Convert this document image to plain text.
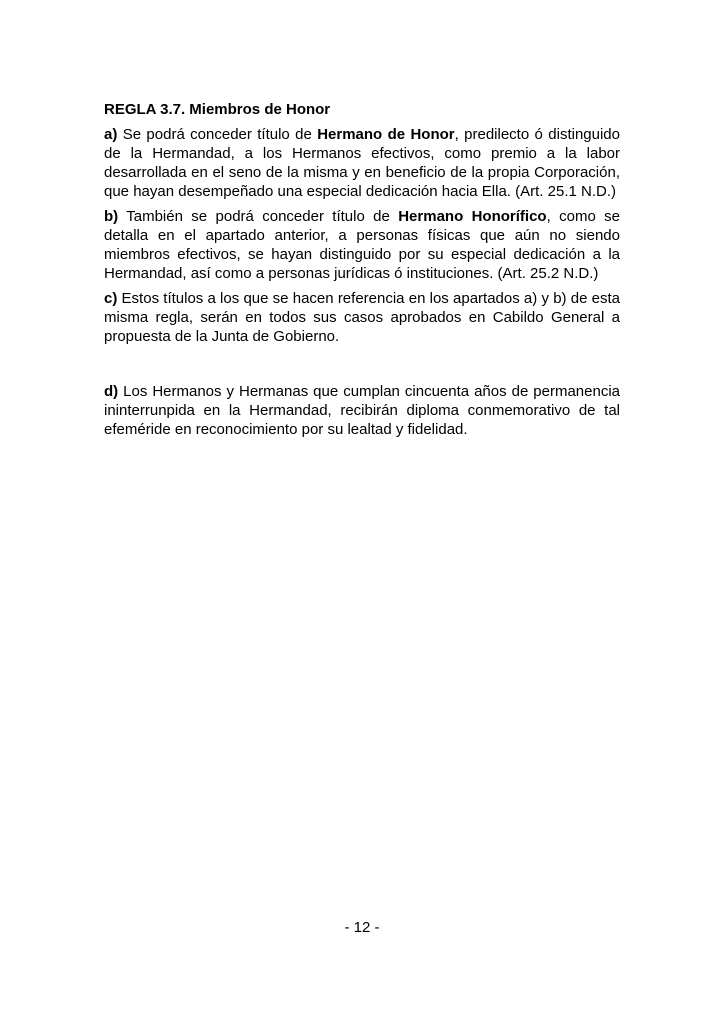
REGLA 3.7. Miembros de Honor

a) Se podrá conceder título de Hermano de Honor, predilecto ó distinguido de la Hermandad, a los Hermanos efectivos, como premio a la labor desarrollada en el seno de la misma y en beneficio de la propia Corporación, que hayan desempeñado una especial dedicación hacia Ella. (Art. 25.1 N.D.)

b) También se podrá conceder título de Hermano Honorífico, como se detalla en el apartado anterior, a personas físicas que aún no siendo miembros efectivos, se hayan distinguido por su especial dedicación a la Hermandad, así como a personas jurídicas ó instituciones. (Art. 25.2 N.D.)

c) Estos títulos a los que se hacen referencia en los apartados a) y b) de esta misma regla, serán en todos sus casos aprobados en Cabildo General a propuesta de la Junta de Gobierno.

d) Los Hermanos y Hermanas que cumplan cincuenta años de permanencia ininterrunpida en la Hermandad, recibirán diploma conmemorativo de tal efeméride en reconocimiento por su lealtad y fidelidad.

- 12 -
